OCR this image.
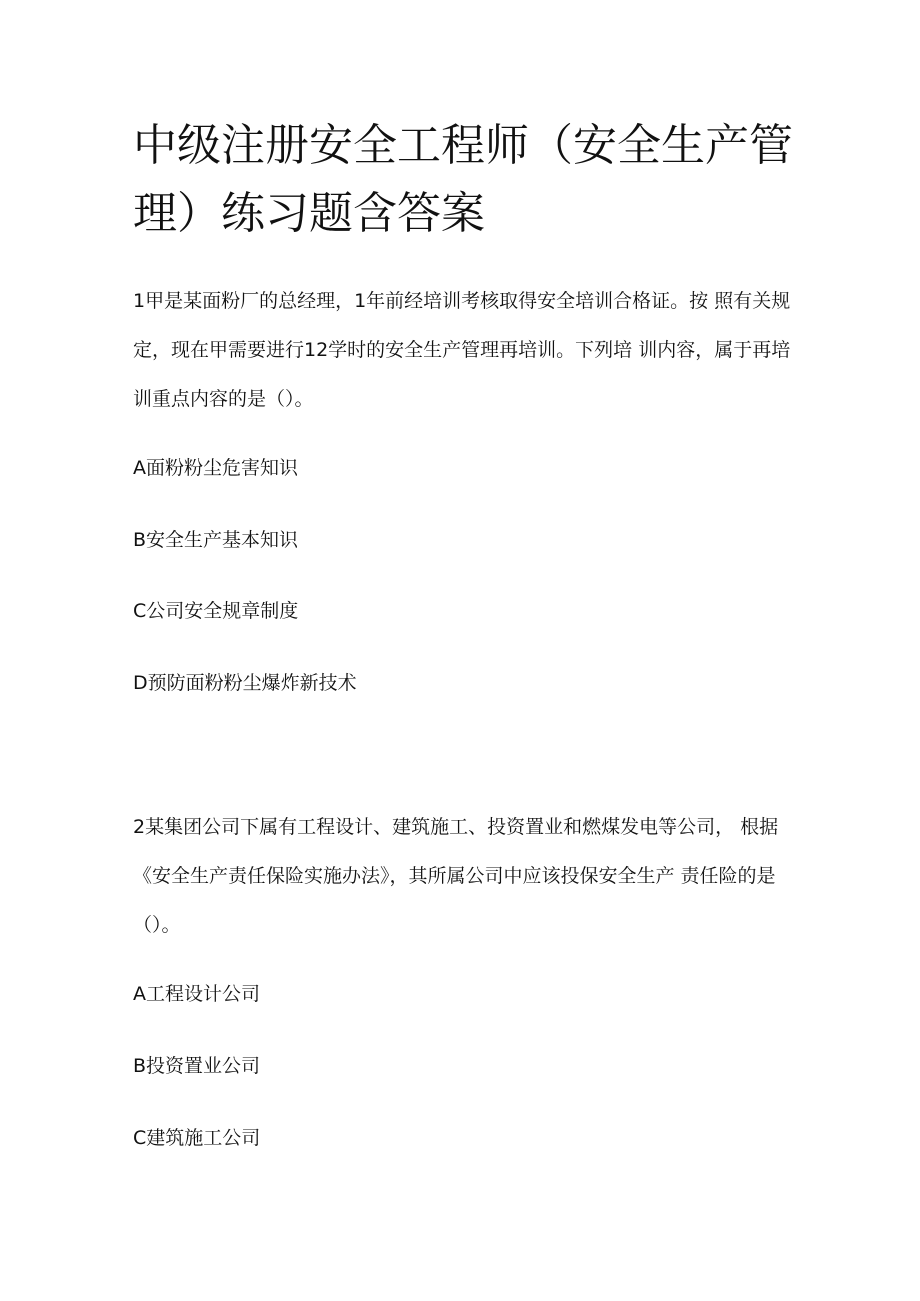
中级注册安全工程师（安全生产管理）练习题含答案

1甲是某面粉厂的总经理，1年前经培训考核取得安全培训合格证。按 照有关规定，现在甲需要进行12学时的安全生产管理再培训。下列培 训内容，属于再培训重点内容的是（）。

A面粉粉尘危害知识

B安全生产基本知识

C公司安全规章制度

D预防面粉粉尘爆炸新技术

2某集团公司下属有工程设计、建筑施工、投资置业和燃煤发电等公司， 根据《安全生产责任保险实施办法》，其所属公司中应该投保安全生产 责任险的是（）。

A工程设计公司

B投资置业公司

C建筑施工公司
